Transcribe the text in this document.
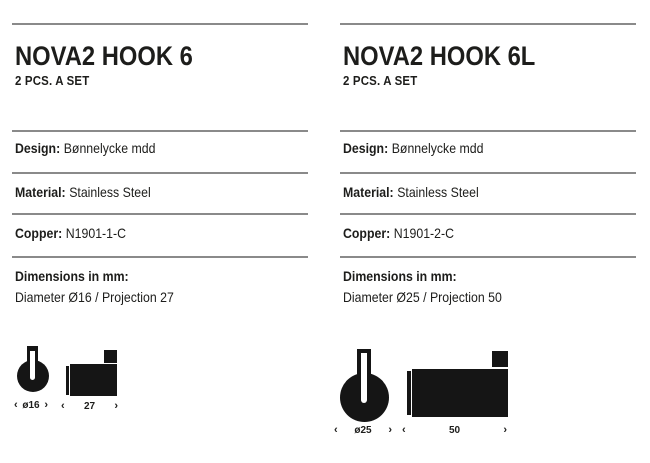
NOVA2 HOOK 6
2 PCS. A SET
Design: Bønnelycke mdd
Material: Stainless Steel
Copper: N1901-1-C
Dimensions in mm:
Diameter Ø16 / Projection 27
‹ ø16 › ‹ 27 ›
NOVA2 HOOK 6L
2 PCS. A SET
Design: Bønnelycke mdd
Material: Stainless Steel
Copper: N1901-2-C
Dimensions in mm:
Diameter Ø25 / Projection 50
‹ ø25 › ‹	50	›
